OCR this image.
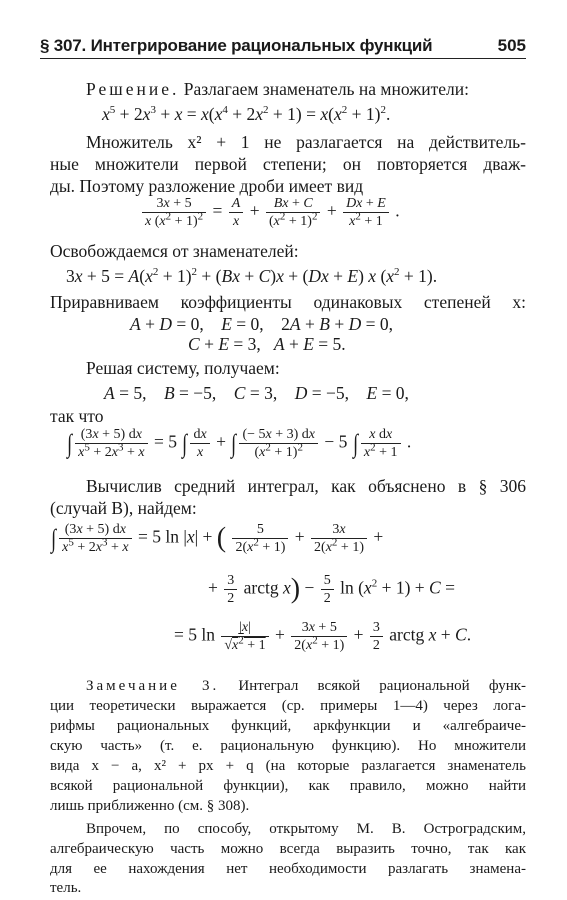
§ 307. Интегрирование рациональных функций	505
Решение. Разлагаем знаменатель на множители:
$x^5 + 2x^3 + x = x(x^4 + 2x^2 + 1) = x(x^2 + 1)^2$.
Множитель x² + 1 не разлагается на действитель-
ные множители первой степени; он повторяется дваж-
ды. Поэтому разложение дроби имеет вид
$\frac{3x + 5}{x (x^2 + 1)^2} = \frac{A}{x} + \frac{Bx + C}{(x^2 + 1)^2} + \frac{Dx + E}{x^2 + 1}$ .
Освобождаемся от знаменателей:
$3x + 5 = A(x^2 + 1)^2 + (Bx + C)x + (Dx + E)$ x $(x^2 + 1)$.
Приравниваем коэффициенты одинаковых степеней x:
A + D = 0,    E = 0,    2A + B + D = 0,
C + E = 3,   A + E = 5.
Решая систему, получаем:
A = 5,    B = −5,    C = 3,    D = −5,    E = 0,
так что
∫ $\frac{(3x + 5) dx}{x^5 + 2x^3 + x} = 5$ ∫ $\frac{dx}{x}$ + ∫ $\frac{(- 5x + 3) dx}{(x^2 + 1)^2} - 5$ ∫ $\frac{\text{x dx}}{x^2 + 1}$ .
Вычислив средний интеграл, как объяснено в § 306
(случай B), найдем:
∫ $\frac{(3x + 5) dx}{x^5 + 2x^3 + x} = 5$ ln |x| + ( $\frac{5}{2(x^2 + 1)} + \frac{3x}{2(x^2 + 1)}$ +
+ $\frac{3}{2}$ arctg $x) - \frac{5}{2}$ $\ln (x^2 + 1) + C$ =
= 5 $\ln \frac{|x|}{√x^2 + 1} + \frac{3x + 5}{2(x^2 + 1)} + \frac{3}{2}$ arctg x + C.
Замечание 3. Интеграл всякой рациональной функ-
ции теоретически выражается (ср. примеры 1—4) через лога-
рифмы рациональных функций, аркфункции и «алгебраиче-
скую часть» (т. е. рациональную функцию). Но множители
вида x − a, x² + px + q (на которые разлагается знаменатель
всякой рациональной функции), как правило, можно найти
лишь приближенно (см. § 308).
Впрочем, по способу, открытому М. В. Остроградским,
алгебраическую часть можно всегда выразить точно, так как
для ее нахождения нет необходимости разлагать знамена-
тель.
